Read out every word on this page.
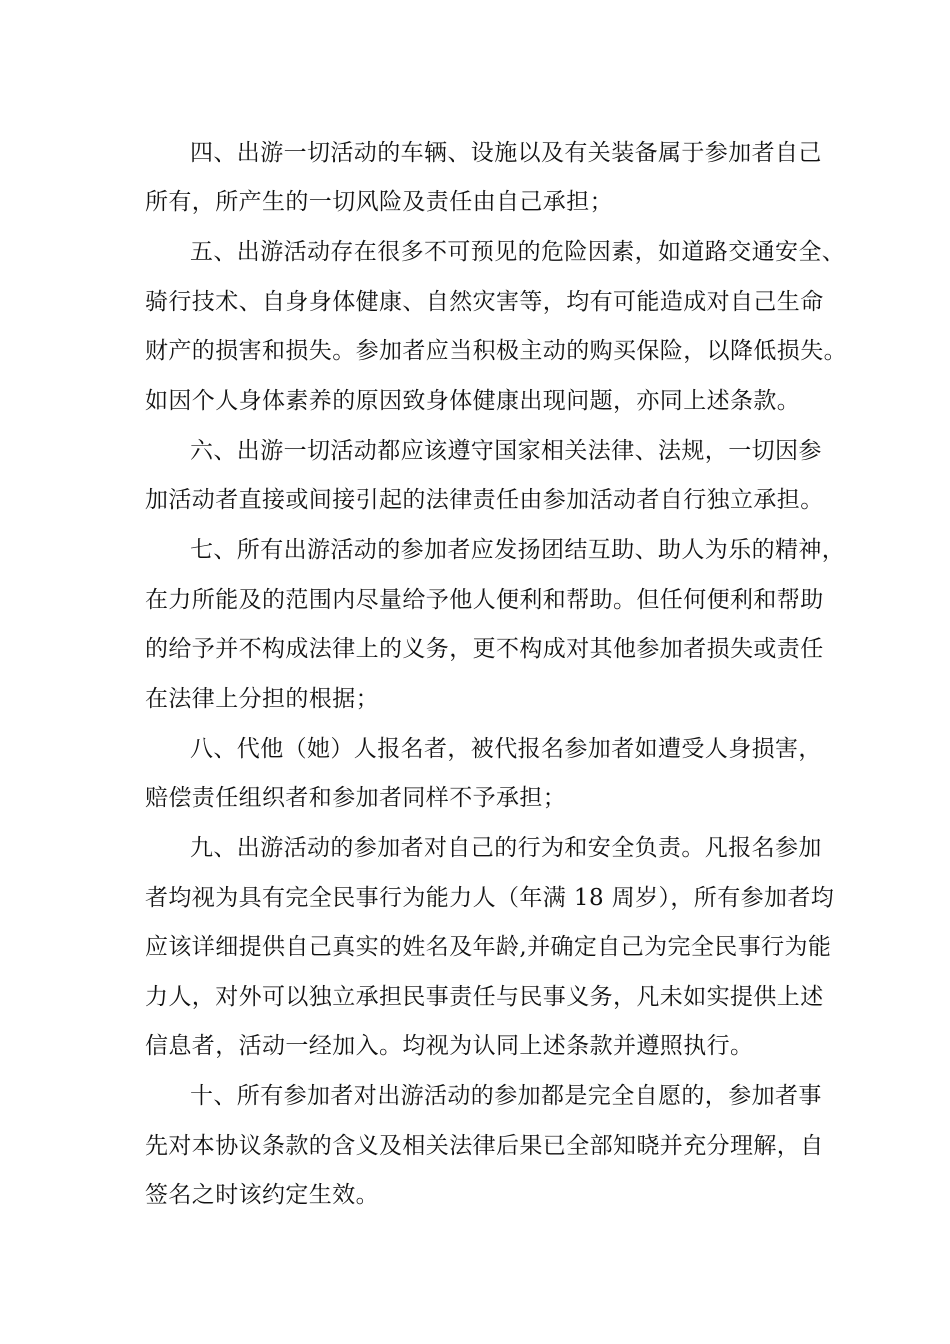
四、出游一切活动的车辆、设施以及有关装备属于参加者自己
所有，所产生的一切风险及责任由自己承担；
五、出游活动存在很多不可预见的危险因素，如道路交通安全、
骑行技术、自身身体健康、自然灾害等，均有可能造成对自己生命
财产的损害和损失。参加者应当积极主动的购买保险，以降低损失。
如因个人身体素养的原因致身体健康出现问题，亦同上述条款。
六、出游一切活动都应该遵守国家相关法律、法规，一切因参
加活动者直接或间接引起的法律责任由参加活动者自行独立承担。
七、所有出游活动的参加者应发扬团结互助、助人为乐的精神，
在力所能及的范围内尽量给予他人便利和帮助。但任何便利和帮助
的给予并不构成法律上的义务，更不构成对其他参加者损失或责任
在法律上分担的根据；
八、代他（她）人报名者，被代报名参加者如遭受人身损害，
赔偿责任组织者和参加者同样不予承担；
九、出游活动的参加者对自己的行为和安全负责。凡报名参加
者均视为具有完全民事行为能力人（年满 18 周岁），所有参加者均
应该详细提供自己真实的姓名及年龄,并确定自己为完全民事行为能
力人，对外可以独立承担民事责任与民事义务，凡未如实提供上述
信息者，活动一经加入。均视为认同上述条款并遵照执行。
十、所有参加者对出游活动的参加都是完全自愿的，参加者事
先对本协议条款的含义及相关法律后果已全部知晓并充分理解，自
签名之时该约定生效。
